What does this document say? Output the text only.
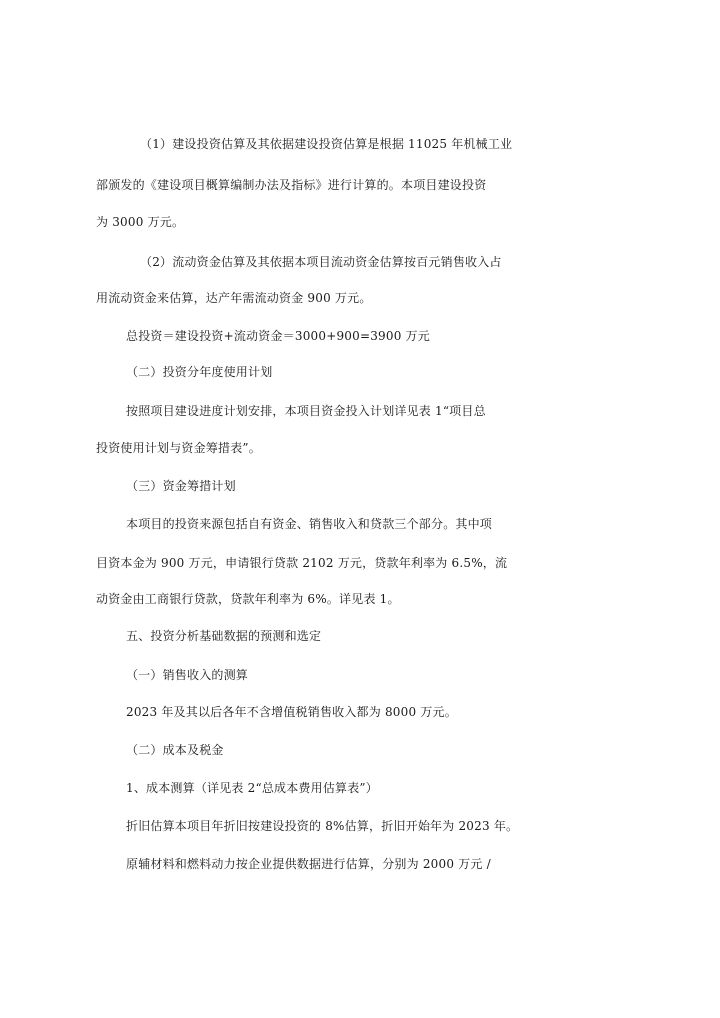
（1）建设投资估算及其依据建设投资估算是根据 11025 年机械工业
部颁发的《建设项目概算编制办法及指标》进行计算的。本项目建设投资
为 3000 万元。
（2）流动资金估算及其依据本项目流动资金估算按百元销售收入占
用流动资金来估算，达产年需流动资金 900 万元。
总投资＝建设投资+流动资金＝3000+900=3900 万元
（二）投资分年度使用计划
按照项目建设进度计划安排，本项目资金投入计划详见表 1“项目总
投资使用计划与资金筹措表”。
（三）资金筹措计划
本项目的投资来源包括自有资金、销售收入和贷款三个部分。其中项
目资本金为 900 万元，申请银行贷款 2102 万元，贷款年利率为 6.5%，流
动资金由工商银行贷款，贷款年利率为 6%。详见表 1。
五、投资分析基础数据的预测和选定
（一）销售收入的测算
2023 年及其以后各年不含增值税销售收入都为 8000 万元。
（二）成本及税金
1、成本测算（详见表 2“总成本费用估算表”）
折旧估算本项目年折旧按建设投资的 8%估算，折旧开始年为 2023 年。
原辅材料和燃料动力按企业提供数据进行估算，分别为 2000 万元 /
